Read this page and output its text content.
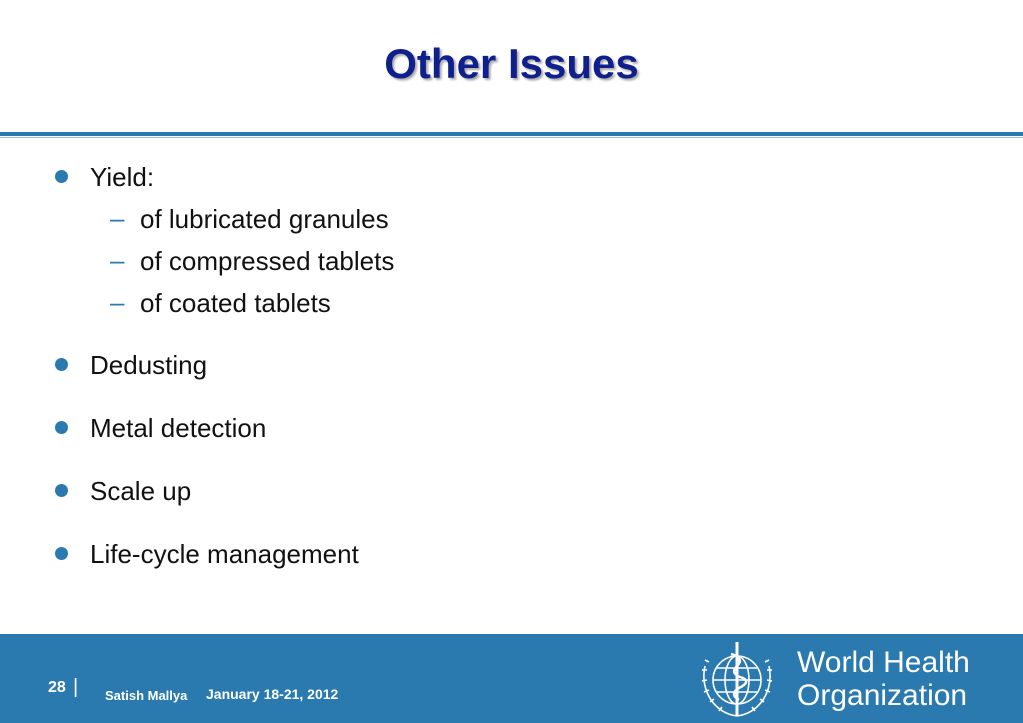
Other Issues
Yield:
– of lubricated granules
– of compressed tablets
– of coated tablets
Dedusting
Metal detection
Scale up
Life-cycle management
28 | Satish Mallya January 18-21, 2012
World Health
Organization
